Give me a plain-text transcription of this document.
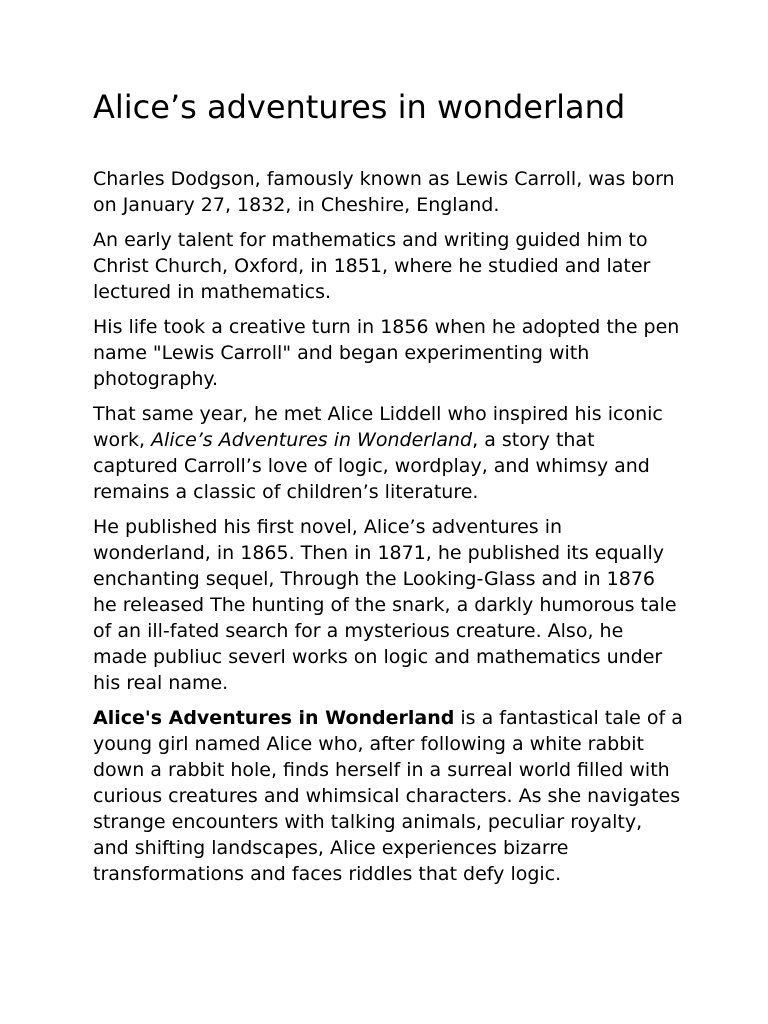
Alice’s adventures in wonderland

Charles Dodgson, famously known as Lewis Carroll, was born on January 27, 1832, in Cheshire, England.

An early talent for mathematics and writing guided him to Christ Church, Oxford, in 1851, where he studied and later lectured in mathematics.

His life took a creative turn in 1856 when he adopted the pen name "Lewis Carroll" and began experimenting with photography.

That same year, he met Alice Liddell who inspired his iconic work, Alice’s Adventures in Wonderland, a story that captured Carroll’s love of logic, wordplay, and whimsy and remains a classic of children’s literature.

He published his first novel, Alice’s adventures in wonderland, in 1865. Then in 1871, he published its equally enchanting sequel, Through the Looking-Glass and in 1876 he released The hunting of the snark, a darkly humorous tale of an ill-fated search for a mysterious creature. Also, he made publiuc severl works on logic and mathematics under his real name.

Alice's Adventures in Wonderland is a fantastical tale of a young girl named Alice who, after following a white rabbit down a rabbit hole, finds herself in a surreal world filled with curious creatures and whimsical characters. As she navigates strange encounters with talking animals, peculiar royalty, and shifting landscapes, Alice experiences bizarre transformations and faces riddles that defy logic.
